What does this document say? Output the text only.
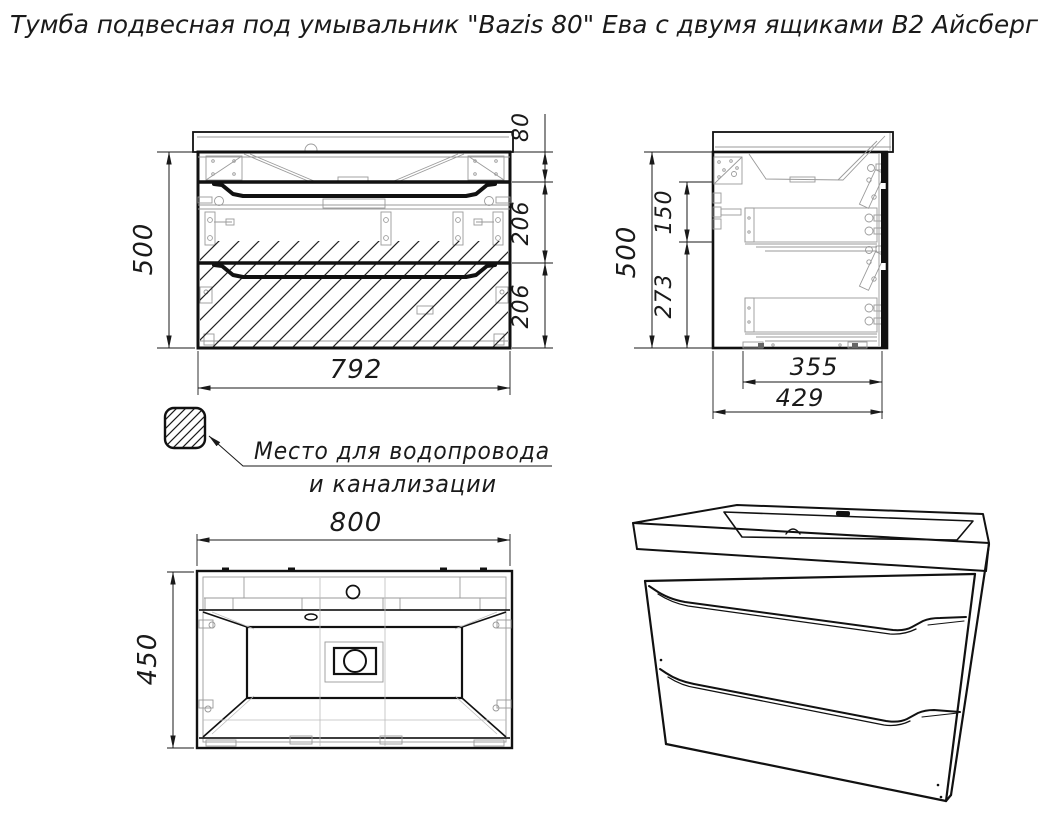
Тумба подвесная под умывальник "Bazis 80" Ева с двумя ящиками В2 Айсберг
500
792
80
206
206
500
150
273
355
429
Место для водопровода
и канализации
800
450
